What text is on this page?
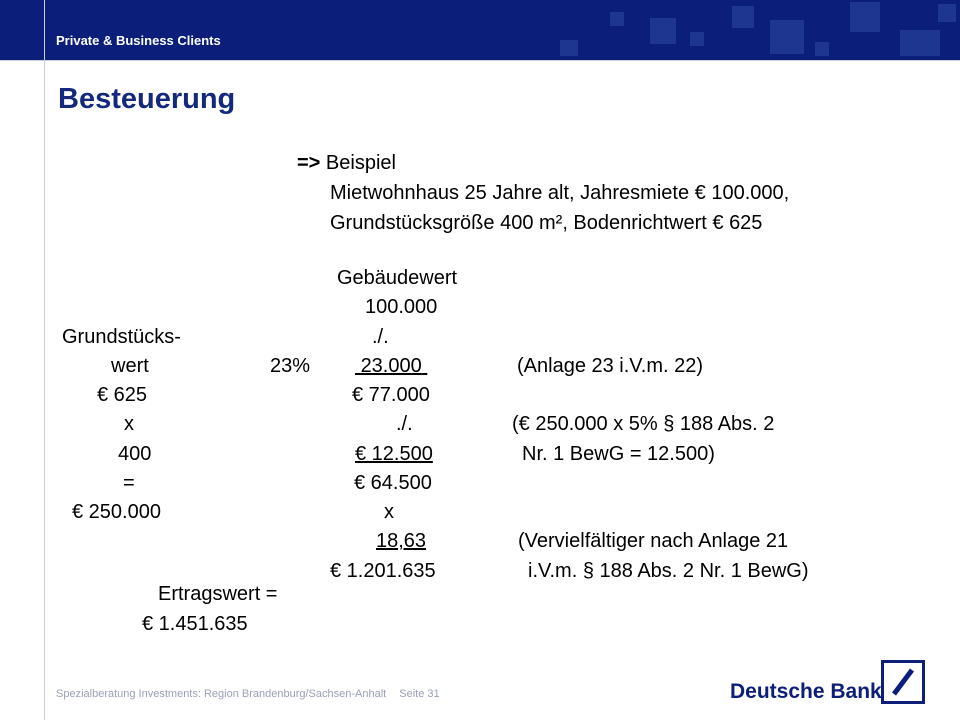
Private & Business Clients
Besteuerung
=> Beispiel
Mietwohnhaus 25 Jahre alt, Jahresmiete € 100.000,
Grundstücksgröße 400 m², Bodenrichtwert € 625
Grundstücks-
wert
€ 625
x
400
=
€ 250.000
Gebäudewert
100.000
./.
23%	23.000
€ 77.000
./.
€ 12.500
€ 64.500
x
18,63
€ 1.201.635
(Anlage 23 i.V.m. 22)
(€ 250.000 x 5% § 188 Abs. 2
Nr. 1 BewG = 12.500)
(Vervielfältiger nach Anlage 21
i.V.m. § 188 Abs. 2 Nr. 1 BewG)
Ertragswert =
€ 1.451.635
Spezialberatung Investments: Region Brandenburg/Sachsen-Anhalt Seite 31	Deutsche Bank
